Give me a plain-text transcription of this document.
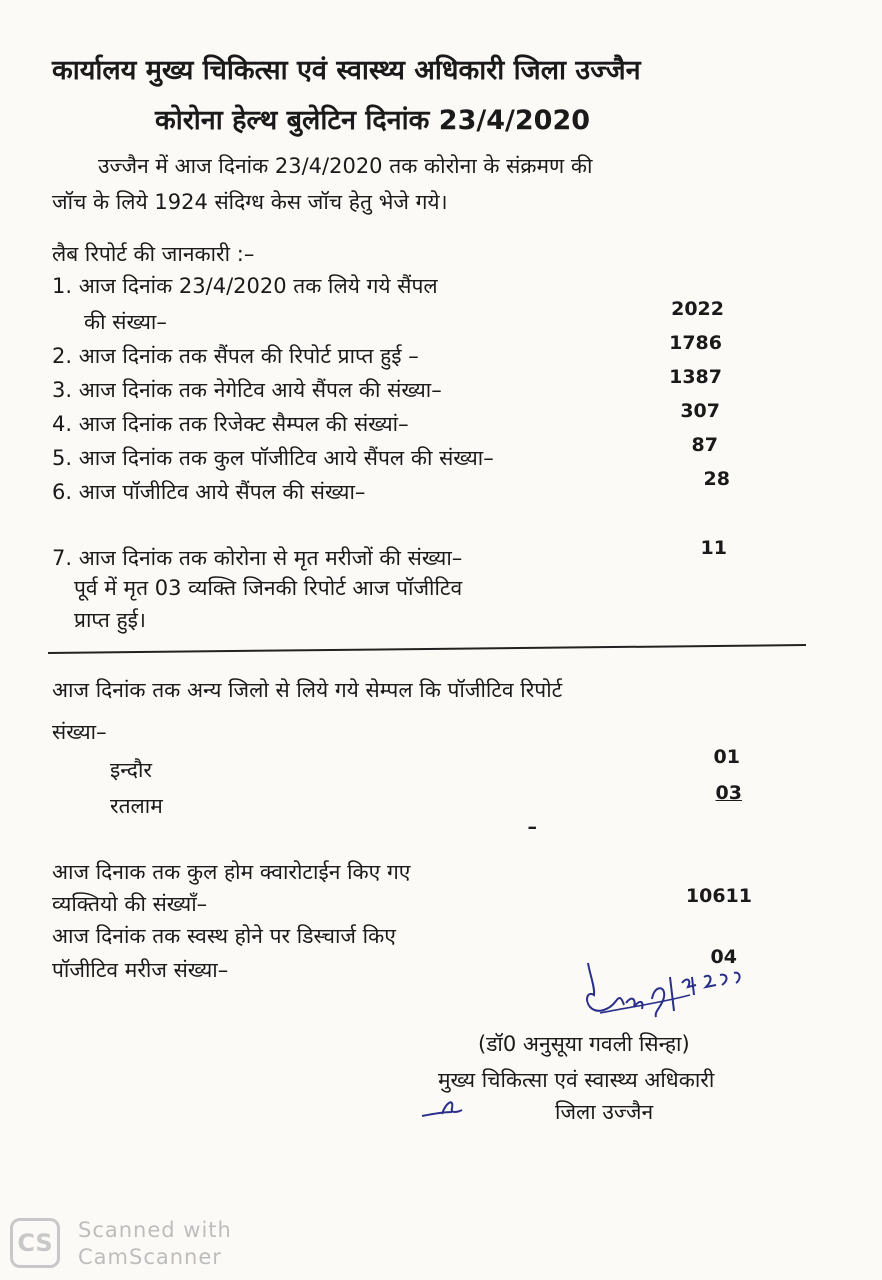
कार्यालय मुख्य चिकित्सा एवं स्वास्थ्य अधिकारी जिला उज्जैन
कोरोना हेल्थ बुलेटिन दिनांक 23/4/2020
उज्जैन में आज दिनांक 23/4/2020 तक कोरोना के संक्रमण की
जॉच के लिये 1924 संदिग्ध केस जॉच हेतु भेजे गये।
लैब रिपोर्ट की जानकारी :–
1. आज दिनांक 23/4/2020 तक लिये गये सैंपल
की संख्या–
2022
2. आज दिनांक तक सैंपल की रिपोर्ट प्राप्त हुई –
1786
3. आज दिनांक तक नेगेटिव आये सैंपल की संख्या–
1387
4. आज दिनांक तक रिजेक्ट सैम्पल की संख्यां–
307
5. आज दिनांक तक कुल पॉजीटिव आये सैंपल की संख्या–
87
6. आज पॉजीटिव आये सैंपल की संख्या–
28
7. आज दिनांक तक कोरोना से मृत मरीजों की संख्या–
पूर्व में मृत 03 व्यक्ति जिनकी रिपोर्ट आज पॉजीटिव
प्राप्त हुई।
11
आज दिनांक तक अन्य जिलो से लिये गये सेम्पल कि पॉजीटिव रिपोर्ट
संख्या–
इन्दौर
01
रतलाम
03
–
आज दिनाक तक कुल होम क्वारोटाईन किए गए
व्यक्तियो की संख्याँ–	10611
आज दिनांक तक स्वस्थ होने पर डिस्चार्ज किए
पॉजीटिव मरीज संख्या–
04
(डॉ0 अनुसूया गवली सिन्हा)
मुख्य चिकित्सा एवं स्वास्थ्य अधिकारी
जिला उज्जैन
CS	Scanned with
CamScanner
